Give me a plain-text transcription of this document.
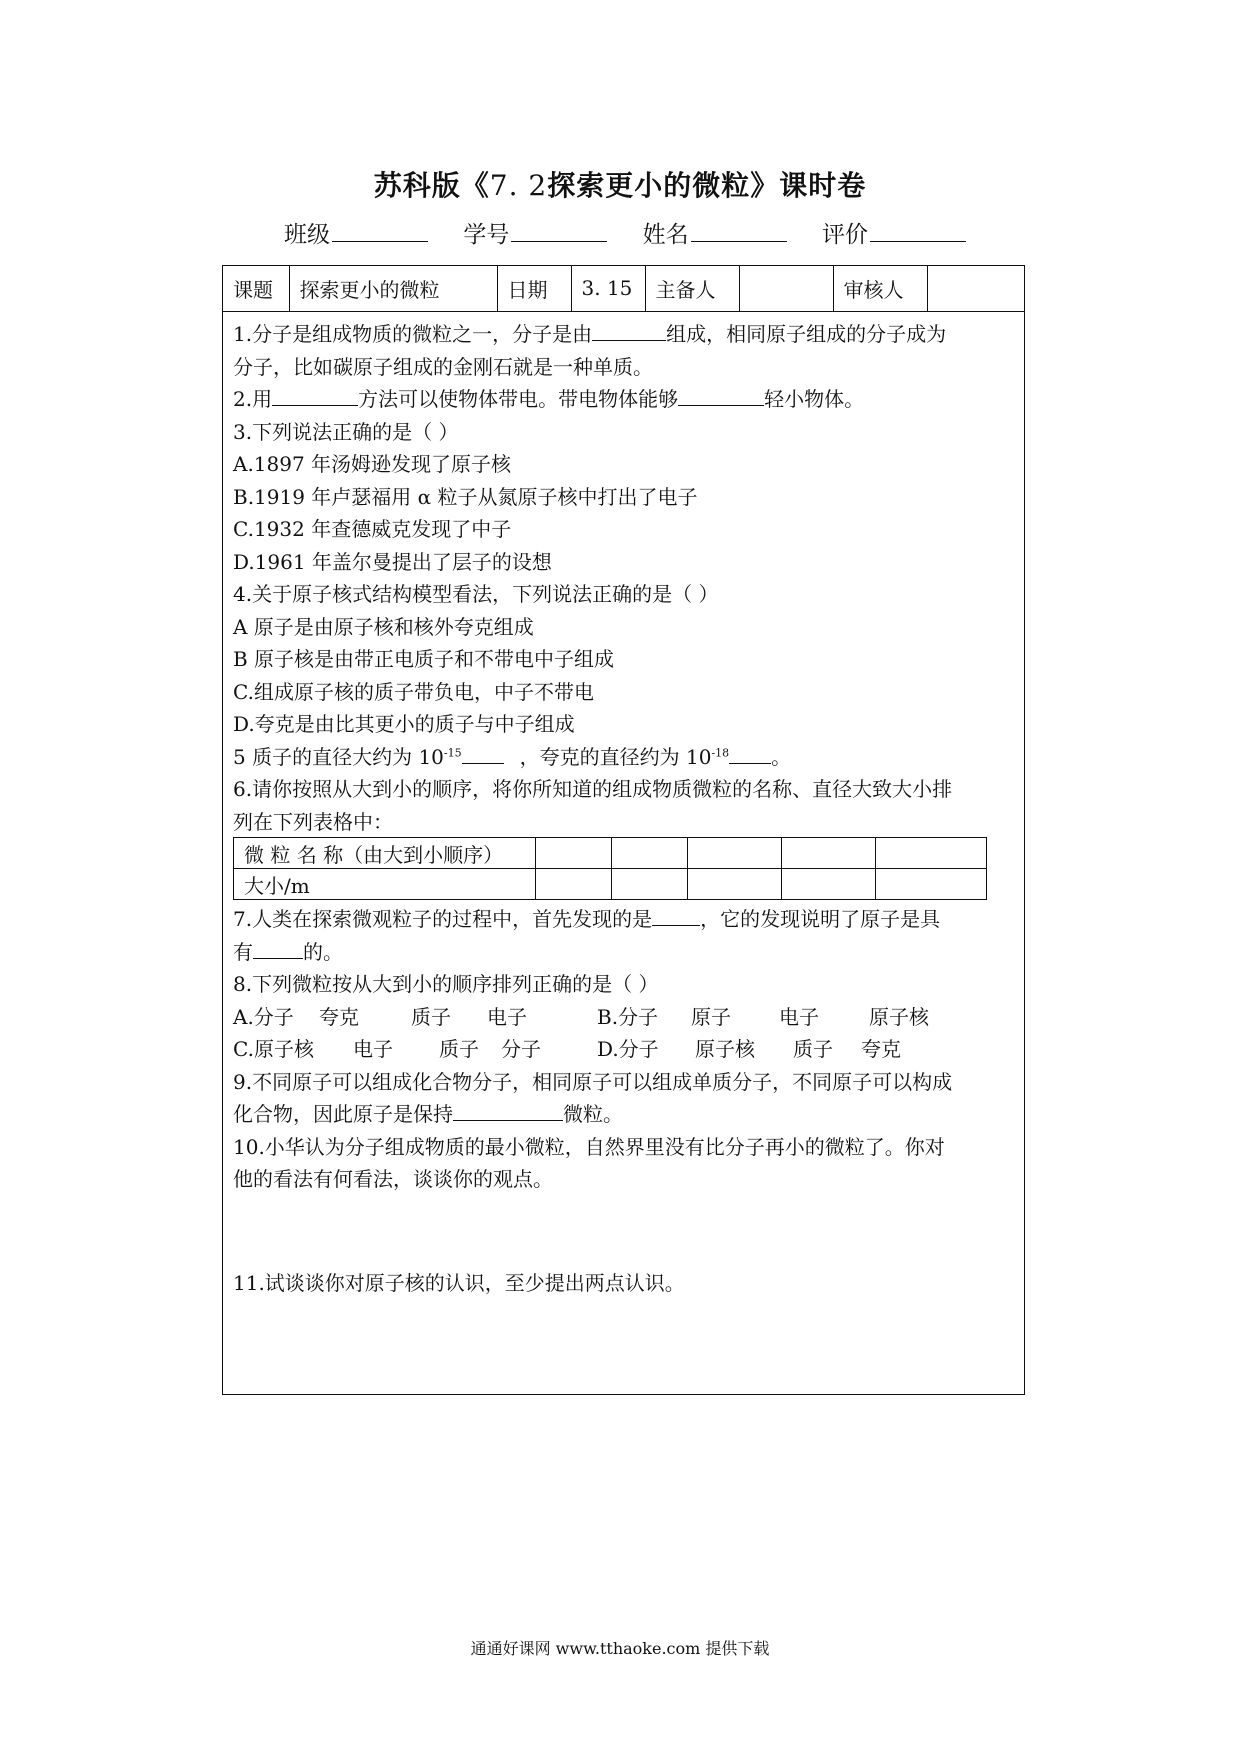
苏科版《7. 2探索更小的微粒》课时卷
班级	学号	姓名	评价
课题	探索更小的微粒	日期	3. 15	主备人		审核人	
1.分子是组成物质的微粒之一，分子是由	组成，相同原子组成的分子成为
分子，比如碳原子组成的金刚石就是一种单质。
2.用	方法可以使物体带电。带电物体能够	轻小物体。
3.下列说法正确的是（ ）
A.1897 年汤姆逊发现了原子核
B.1919 年卢瑟福用 α 粒子从氮原子核中打出了电子
C.1932 年查德威克发现了中子
D.1961 年盖尔曼提出了层子的设想
4.关于原子核式结构模型看法，下列说法正确的是（ ）
A 原子是由原子核和核外夸克组成
B 原子核是由带正电质子和不带电中子组成
C.组成原子核的质子带负电，中子不带电
D.夸克是由比其更小的质子与中子组成
5 质子的直径大约为 $10^{-15}$	，夸克的直径约为 $10^{-18}$ 。
6.请你按照从大到小的顺序，将你所知道的组成物质微粒的名称、直径大致大小排
列在下列表格中：
微 粒 名 称（由大到小顺序）					
大小/m					
7.人类在探索微观粒子的过程中，首先发现的是 ，它的发现说明了原子是具
有	的。
8.下列微粒按从大到小的顺序排列正确的是（ ）
A.分子 夸克	质子 电子	B.分子 原子 电子	原子核
C.原子核 电子 质子 分子	D.分子 原子核 质子 夸克
9.不同原子可以组成化合物分子，相同原子可以组成单质分子，不同原子可以构成
化合物，因此原子是保持	微粒。
10.小华认为分子组成物质的最小微粒，自然界里没有比分子再小的微粒了。你对
他的看法有何看法，谈谈你的观点。
11.试谈谈你对原子核的认识，至少提出两点认识。
通通好课网 www.tthaoke.com 提供下载
